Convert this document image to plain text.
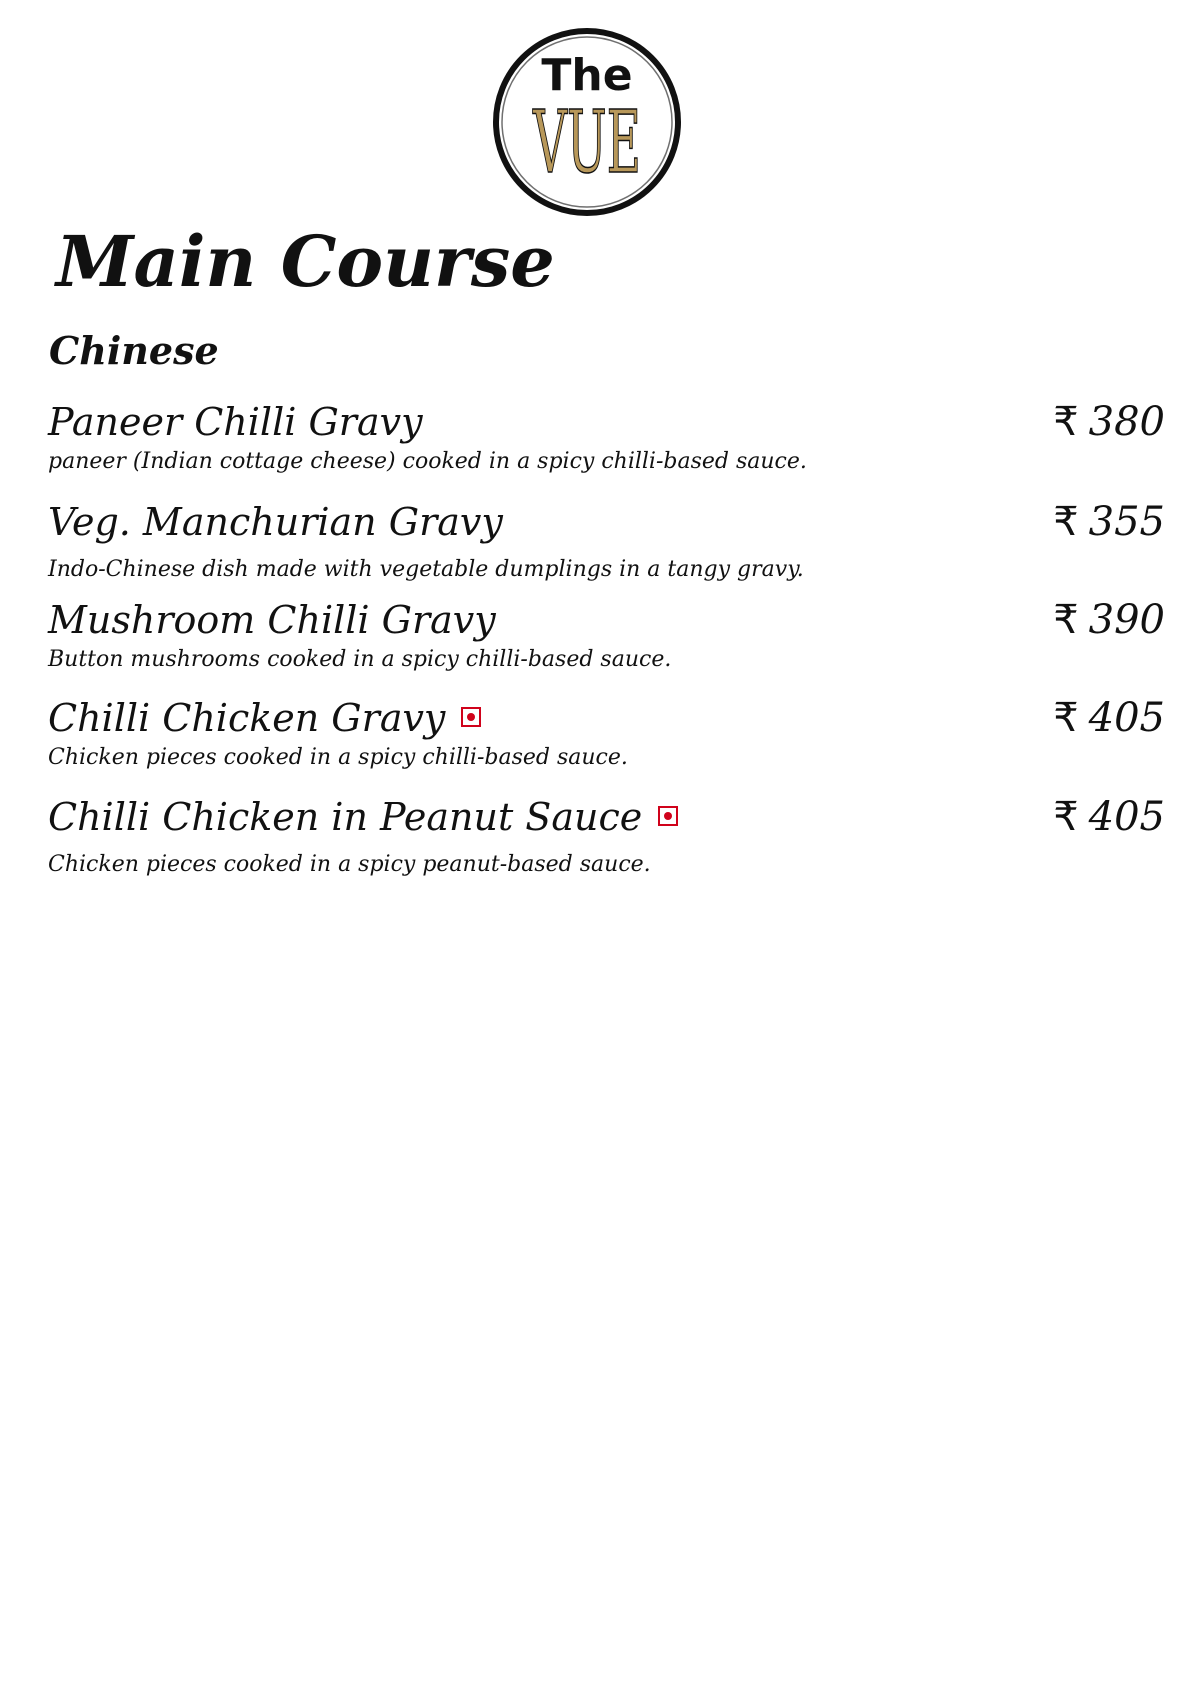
The
VUE
Main Course
Chinese
Paneer Chilli Gravy
paneer (Indian cottage cheese) cooked in a spicy chilli-based sauce.
₹ 380
Veg. Manchurian Gravy
Indo-Chinese dish made with vegetable dumplings in a tangy gravy.
₹ 355
Mushroom Chilli Gravy
Button mushrooms cooked in a spicy chilli-based sauce.
₹ 390
Chilli Chicken Gravy
Chicken pieces cooked in a spicy chilli-based sauce.
₹ 405
Chilli Chicken in Peanut Sauce
Chicken pieces cooked in a spicy peanut-based sauce.
₹ 405
